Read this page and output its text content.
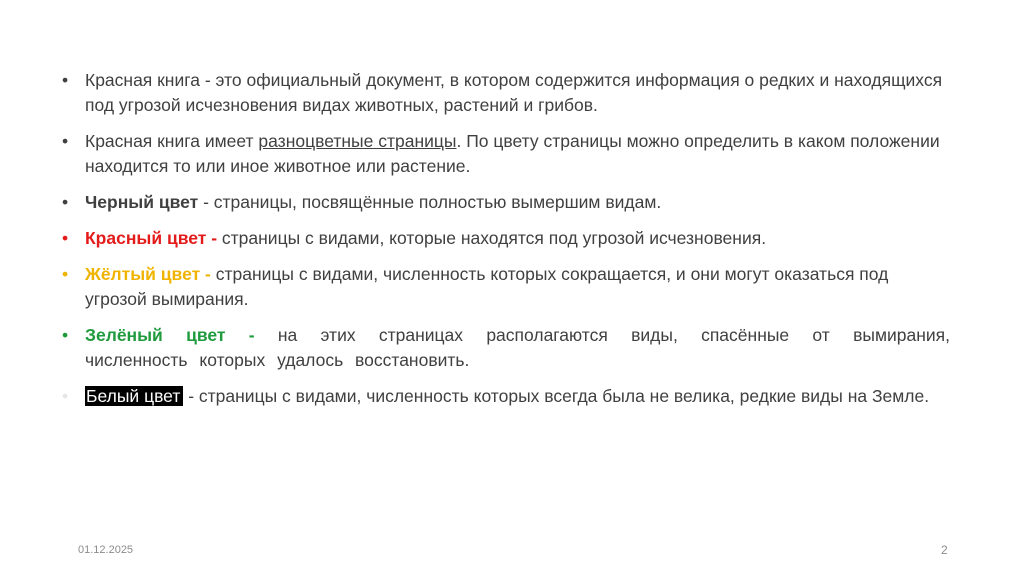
• Красная книга - это официальный документ, в котором содержится информация о редких и находящихся под угрозой исчезновения видах животных, растений и грибов.
• Красная книга имеет разноцветные страницы. По цвету страницы можно определить в каком положении находится то или иное животное или растение.
• Черный цвет - страницы, посвящённые полностью вымершим видам.
• Красный цвет - страницы с видами, которые находятся под угрозой исчезновения.
• Жёлтый цвет - страницы с видами, численность которых сокращается, и они могут оказаться под угрозой вымирания.
• Зелёный цвет - на этих страницах располагаются виды, спасённые от вымирания, численность которых удалось восстановить.
• Белый цвет - страницы с видами, численность которых всегда была не велика, редкие виды на Земле.
01.12.2025	2
